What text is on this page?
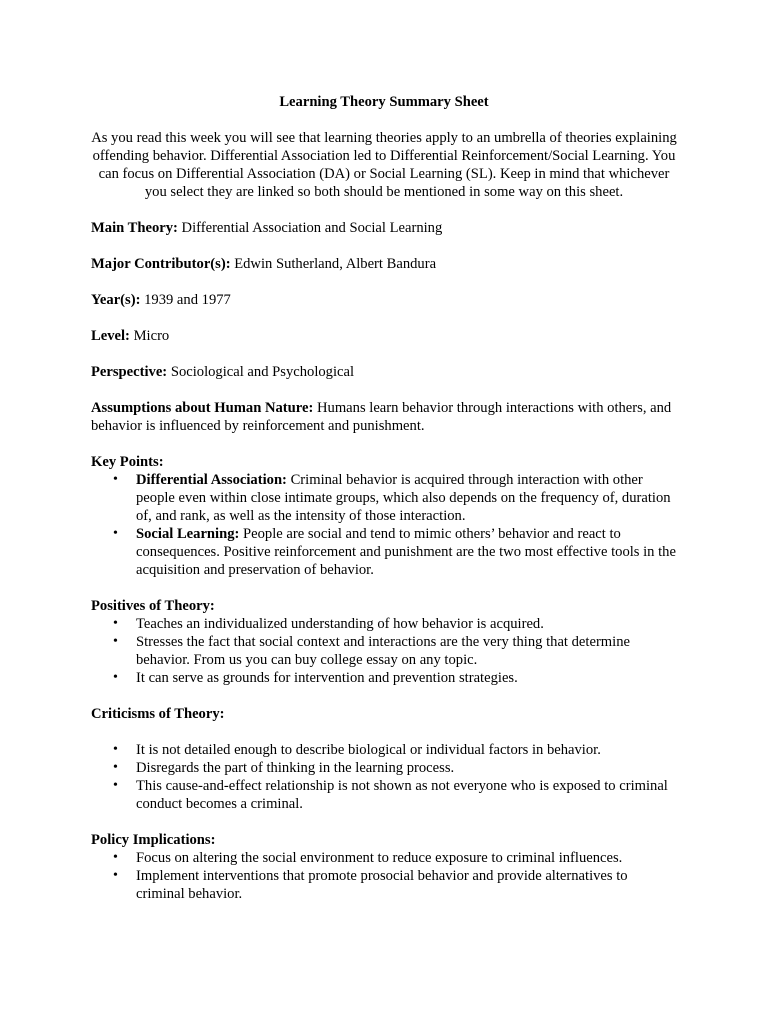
Learning Theory Summary Sheet

As you read this week you will see that learning theories apply to an umbrella of theories explaining offending behavior. Differential Association led to Differential Reinforcement/Social Learning. You can focus on Differential Association (DA) or Social Learning (SL). Keep in mind that whichever you select they are linked so both should be mentioned in some way on this sheet.

Main Theory: Differential Association and Social Learning

Major Contributor(s): Edwin Sutherland, Albert Bandura

Year(s): 1939 and 1977

Level: Micro

Perspective: Sociological and Psychological

Assumptions about Human Nature: Humans learn behavior through interactions with others, and behavior is influenced by reinforcement and punishment.

Key Points:

• Differential Association: Criminal behavior is acquired through interaction with other people even within close intimate groups, which also depends on the frequency of, duration of, and rank, as well as the intensity of those interaction.
• Social Learning: People are social and tend to mimic others’ behavior and react to consequences. Positive reinforcement and punishment are the two most effective tools in the acquisition and preservation of behavior.

Positives of Theory:

• Teaches an individualized understanding of how behavior is acquired.
• Stresses the fact that social context and interactions are the very thing that determine behavior. From us you can buy college essay on any topic.
• It can serve as grounds for intervention and prevention strategies.

Criticisms of Theory:

• It is not detailed enough to describe biological or individual factors in behavior.
• Disregards the part of thinking in the learning process.
• This cause-and-effect relationship is not shown as not everyone who is exposed to criminal conduct becomes a criminal.

Policy Implications:

• Focus on altering the social environment to reduce exposure to criminal influences.
• Implement interventions that promote prosocial behavior and provide alternatives to criminal behavior.
